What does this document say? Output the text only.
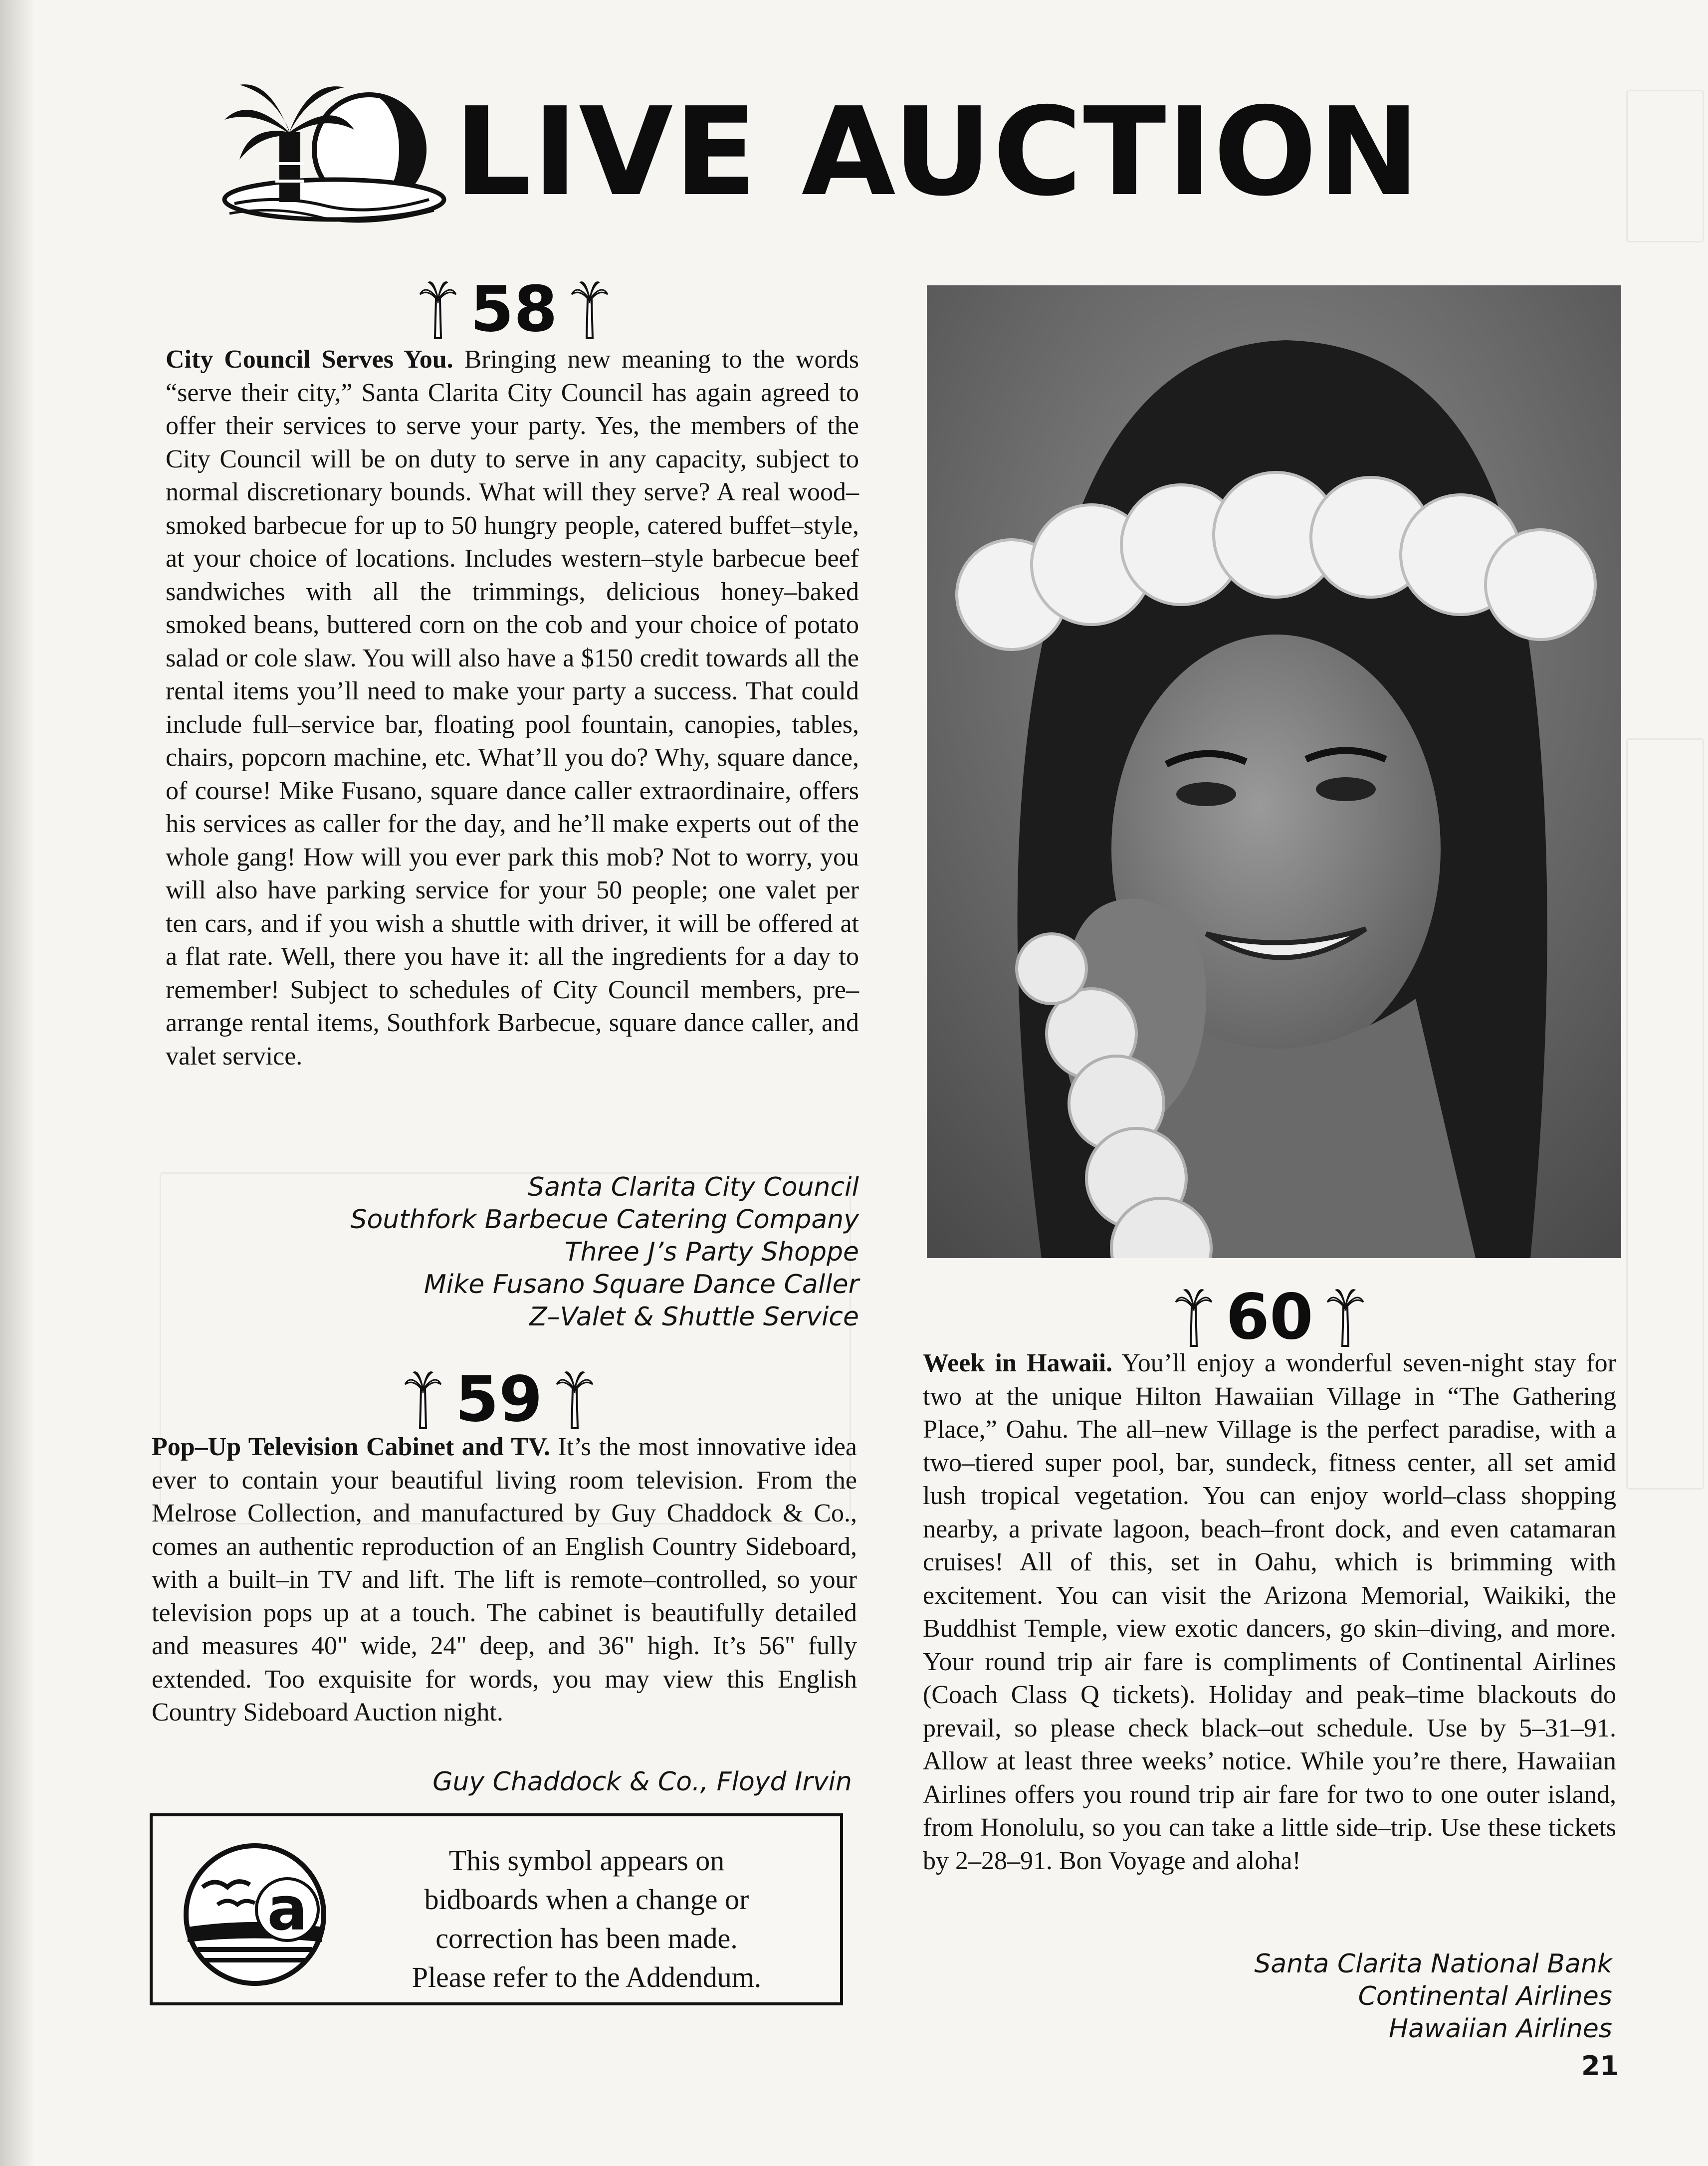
LIVE AUCTION
58

City Council Serves You. Bringing new meaning to the words “serve their city,” Santa Clarita City Council has again agreed to offer their services to serve your party. Yes, the members of the City Council will be on duty to serve in any capacity, subject to normal discretionary bounds. What will they serve? A real wood–smoked barbecue for up to 50 hungry people, catered buffet–style, at your choice of locations. Includes western–style barbecue beef sandwiches with all the trimmings, delicious honey–baked smoked beans, buttered corn on the cob and your choice of potato salad or cole slaw. You will also have a $150 credit towards all the rental items you’ll need to make your party a success. That could include full–service bar, floating pool fountain, canopies, tables, chairs, popcorn machine, etc. What’ll you do? Why, square dance, of course! Mike Fusano, square dance caller extraordinaire, offers his services as caller for the day, and he’ll make experts out of the whole gang! How will you ever park this mob? Not to worry, you will also have parking service for your 50 people; one valet per ten cars, and if you wish a shuttle with driver, it will be offered at a flat rate. Well, there you have it: all the ingredients for a day to remember! Subject to schedules of City Council members, pre–arrange rental items, Southfork Barbecue, square dance caller, and valet service.

Santa Clarita City Council
Southfork Barbecue Catering Company
Three J’s Party Shoppe
Mike Fusano Square Dance Caller
Z–Valet & Shuttle Service
59

Pop–Up Television Cabinet and TV. It’s the most innovative idea ever to contain your beautiful living room television. From the Melrose Collection, and manufactured by Guy Chaddock & Co., comes an authentic reproduction of an English Country Sideboard, with a built–in TV and lift. The lift is remote–controlled, so your television pops up at a touch. The cabinet is beautifully detailed and measures 40" wide, 24" deep, and 36" high. It’s 56" fully extended. Too exquisite for words, you may view this English Country Sideboard Auction night.

Guy Chaddock & Co., Floyd Irvin
60

Week in Hawaii. You’ll enjoy a wonderful seven-night stay for two at the unique Hilton Hawaiian Village in “The Gathering Place,” Oahu. The all–new Village is the perfect paradise, with a two–tiered super pool, bar, sundeck, fitness center, all set amid lush tropical vegetation. You can enjoy world–class shopping nearby, a private lagoon, beach–front dock, and even catamaran cruises! All of this, set in Oahu, which is brimming with excitement. You can visit the Arizona Memorial, Waikiki, the Buddhist Temple, view exotic dancers, go skin–diving, and more. Your round trip air fare is compliments of Continental Airlines (Coach Class Q tickets). Holiday and peak–time blackouts do prevail, so please check black–out schedule. Use by 5–31–91. Allow at least three weeks’ notice. While you’re there, Hawaiian Airlines offers you round trip air fare for two to one outer island, from Honolulu, so you can take a little side–trip. Use these tickets by 2–28–91. Bon Voyage and aloha!

Santa Clarita National Bank
Continental Airlines
Hawaiian Airlines
a
This symbol appears on
bidboards when a change or
correction has been made.
Please refer to the Addendum.
21
